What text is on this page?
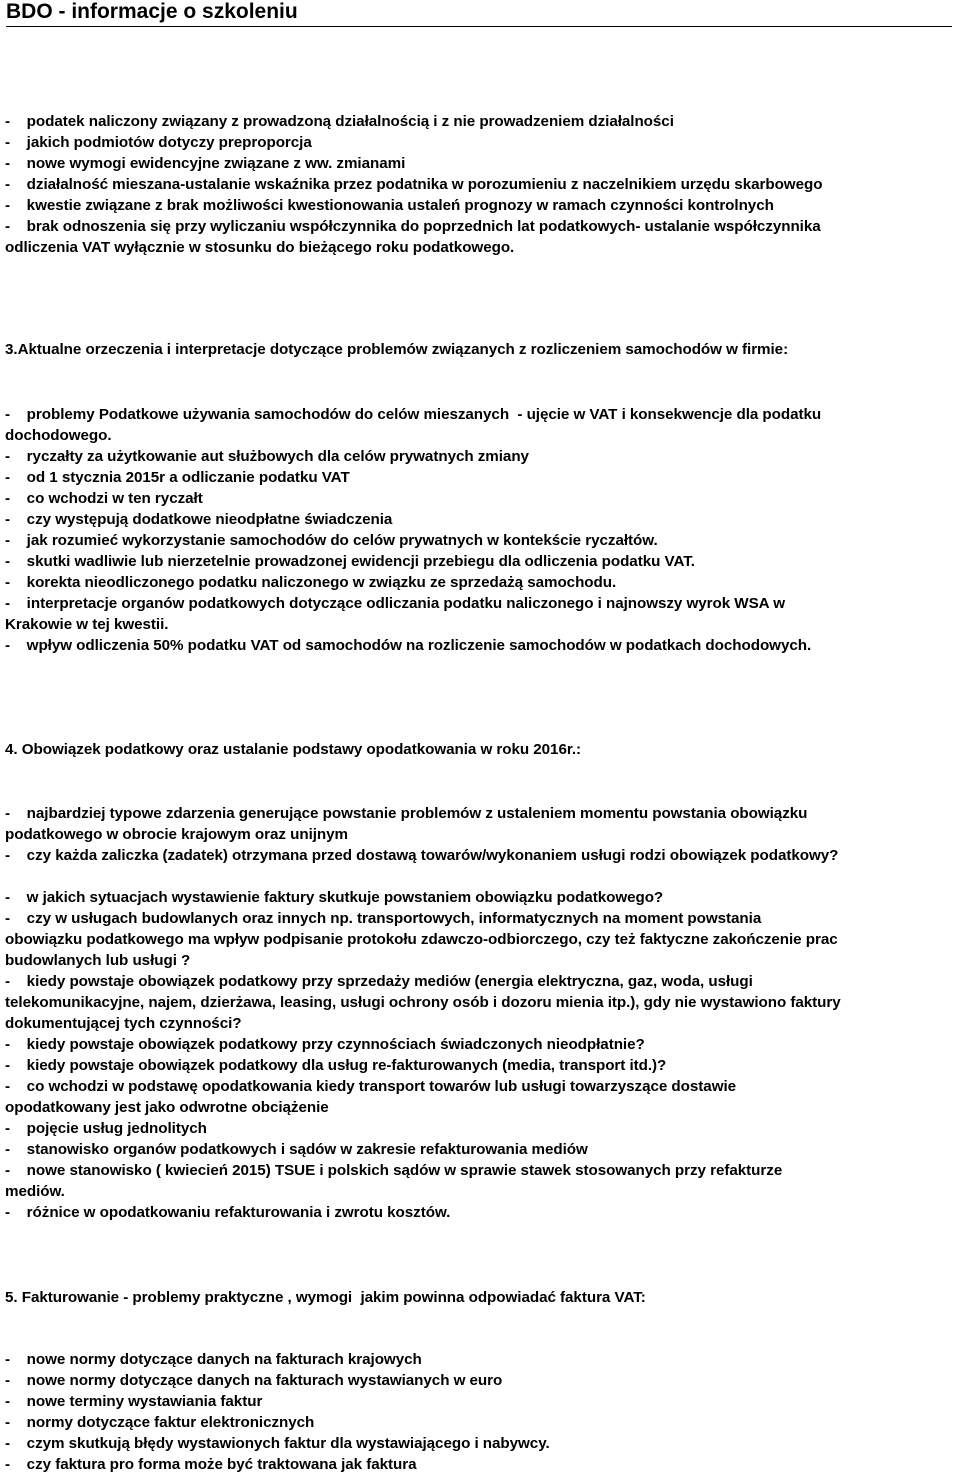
BDO - informacje o szkoleniu
-    podatek naliczony związany z prowadzoną działalnością i z nie prowadzeniem działalności
-    jakich podmiotów dotyczy preproporcja
-    nowe wymogi ewidencyjne związane z ww. zmianami
-    działalność mieszana-ustalanie wskaźnika przez podatnika w porozumieniu z naczelnikiem urzędu skarbowego
-    kwestie związane z brak możliwości kwestionowania ustaleń prognozy w ramach czynności kontrolnych
-    brak odnoszenia się przy wyliczaniu współczynnika do poprzednich lat podatkowych- ustalanie współczynnika
odliczenia VAT wyłącznie w stosunku do bieżącego roku podatkowego.
3.Aktualne orzeczenia i interpretacje dotyczące problemów związanych z rozliczeniem samochodów w firmie:
-    problemy Podatkowe używania samochodów do celów mieszanych  - ujęcie w VAT i konsekwencje dla podatku
dochodowego.
-    ryczałty za użytkowanie aut służbowych dla celów prywatnych zmiany
-    od 1 stycznia 2015r a odliczanie podatku VAT
-    co wchodzi w ten ryczałt
-    czy występują dodatkowe nieodpłatne świadczenia
-    jak rozumieć wykorzystanie samochodów do celów prywatnych w kontekście ryczałtów.
-    skutki wadliwie lub nierzetelnie prowadzonej ewidencji przebiegu dla odliczenia podatku VAT.
-    korekta nieodliczonego podatku naliczonego w związku ze sprzedażą samochodu.
-    interpretacje organów podatkowych dotyczące odliczania podatku naliczonego i najnowszy wyrok WSA w
Krakowie w tej kwestii.
-    wpływ odliczenia 50% podatku VAT od samochodów na rozliczenie samochodów w podatkach dochodowych.
4. Obowiązek podatkowy oraz ustalanie podstawy opodatkowania w roku 2016r.:
-    najbardziej typowe zdarzenia generujące powstanie problemów z ustaleniem momentu powstania obowiązku
podatkowego w obrocie krajowym oraz unijnym
-    czy każda zaliczka (zadatek) otrzymana przed dostawą towarów/wykonaniem usługi rodzi obowiązek podatkowy?
-    w jakich sytuacjach wystawienie faktury skutkuje powstaniem obowiązku podatkowego?
-    czy w usługach budowlanych oraz innych np. transportowych, informatycznych na moment powstania
obowiązku podatkowego ma wpływ podpisanie protokołu zdawczo-odbiorczego, czy też faktyczne zakończenie prac
budowlanych lub usługi ?
-    kiedy powstaje obowiązek podatkowy przy sprzedaży mediów (energia elektryczna, gaz, woda, usługi
telekomunikacyjne, najem, dzierżawa, leasing, usługi ochrony osób i dozoru mienia itp.), gdy nie wystawiono faktury
dokumentującej tych czynności?
-    kiedy powstaje obowiązek podatkowy przy czynnościach świadczonych nieodpłatnie?
-    kiedy powstaje obowiązek podatkowy dla usług re-fakturowanych (media, transport itd.)?
-    co wchodzi w podstawę opodatkowania kiedy transport towarów lub usługi towarzyszące dostawie
opodatkowany jest jako odwrotne obciążenie
-    pojęcie usług jednolitych
-    stanowisko organów podatkowych i sądów w zakresie refakturowania mediów
-    nowe stanowisko ( kwiecień 2015) TSUE i polskich sądów w sprawie stawek stosowanych przy refakturze
mediów.
-    różnice w opodatkowaniu refakturowania i zwrotu kosztów.
5. Fakturowanie - problemy praktyczne , wymogi  jakim powinna odpowiadać faktura VAT:
-    nowe normy dotyczące danych na fakturach krajowych
-    nowe normy dotyczące danych na fakturach wystawianych w euro
-    nowe terminy wystawiania faktur
-    normy dotyczące faktur elektronicznych
-    czym skutkują błędy wystawionych faktur dla wystawiającego i nabywcy.
-    czy faktura pro forma może być traktowana jak faktura
